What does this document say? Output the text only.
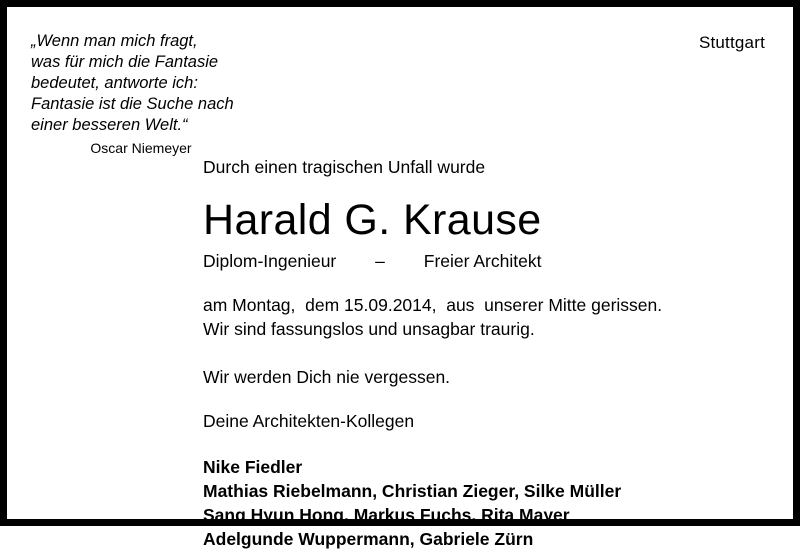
Stuttgart
„Wenn man mich fragt,
was für mich die Fantasie
bedeutet, antworte ich:
Fantasie ist die Suche nach
einer besseren Welt.“
Oscar Niemeyer
Durch einen tragischen Unfall wurde
Harald G. Krause
Diplom-Ingenieur        –        Freier Architekt
am Montag,  dem 15.09.2014,  aus  unserer Mitte gerissen.
Wir sind fassungslos und unsagbar traurig.
Wir werden Dich nie vergessen.
Deine Architekten-Kollegen
Nike Fiedler
Mathias Riebelmann, Christian Zieger, Silke Müller
Sang Hyun Hong, Markus Fuchs, Rita Mayer
Adelgunde Wuppermann, Gabriele Zürn
